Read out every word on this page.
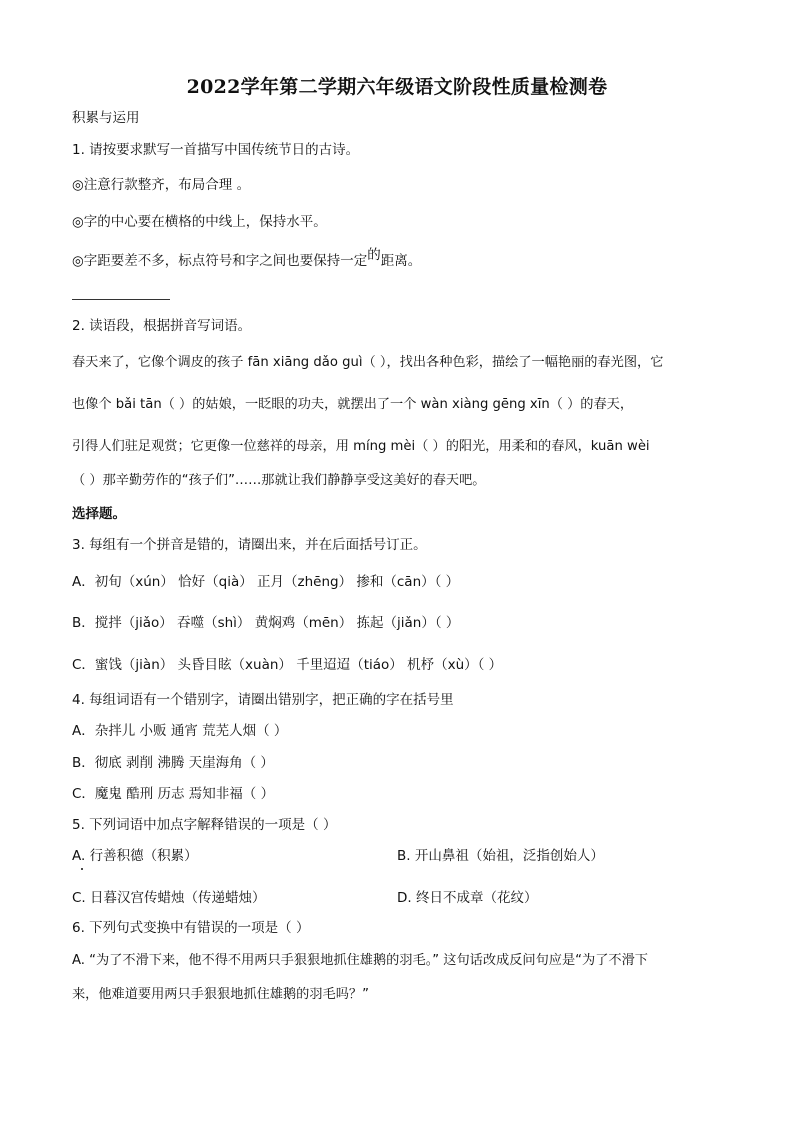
2022学年第二学期六年级语文阶段性质量检测卷
积累与运用
1. 请按要求默写一首描写中国传统节日的古诗。
◎注意行款整齐，布局合理 。
◎字的中心要在横格的中线上，保持水平。
◎字距要差不多，标点符号和字之间也要保持一定的距离。
2. 读语段，根据拼音写词语。
春天来了，它像个调皮的孩子 fān xiāng dǎo guì（ ），找出各种色彩，描绘了一幅艳丽的春光图，它
也像个 bǎi tān（ ）的姑娘，一眨眼的功夫，就摆出了一个 wàn xiàng gēng xīn（ ）的春天，
引得人们驻足观赏；它更像一位慈祥的母亲，用 míng mèi（ ）的阳光，用柔和的春风，kuān wèi
（ ）那辛勤劳作的“孩子们”……那就让我们静静享受这美好的春天吧。
选择题。
3. 每组有一个拼音是错的，请圈出来，并在后面括号订正。
A．初旬（xún） 恰好（qià） 正月（zhēng） 掺和（cān）（ ）
B．搅拌（jiǎo） 吞噬（shì） 黄焖鸡（mēn） 拣起（jiǎn）（ ）
C．蜜饯（jiàn） 头昏目眩（xuàn） 千里迢迢（tiáo） 机杼（xù）（ ）
4. 每组词语有一个错别字，请圈出错别字，把正确的字在括号里
A．杂拌儿 小贩 通宵 荒芜人烟（ ）
B．彻底 剥削 沸腾 天崖海角（ ）
C．魔鬼 酷刑 历志 焉知非福（ ）
5. 下列词语中加点字解释错误的一项是（ ）
A. 行善积德（积累）	B. 开山鼻祖（始祖，泛指创始人）
C. 日暮汉宫传蜡烛（传递蜡烛）	D. 终日不成章（花纹）
6. 下列句式变换中有错误的一项是（ ）
A. “为了不滑下来，他不得不用两只手狠狠地抓住雄鹅的羽毛。” 这句话改成反问句应是“为了不滑下
来，他难道要用两只手狠狠地抓住雄鹅的羽毛吗？”
